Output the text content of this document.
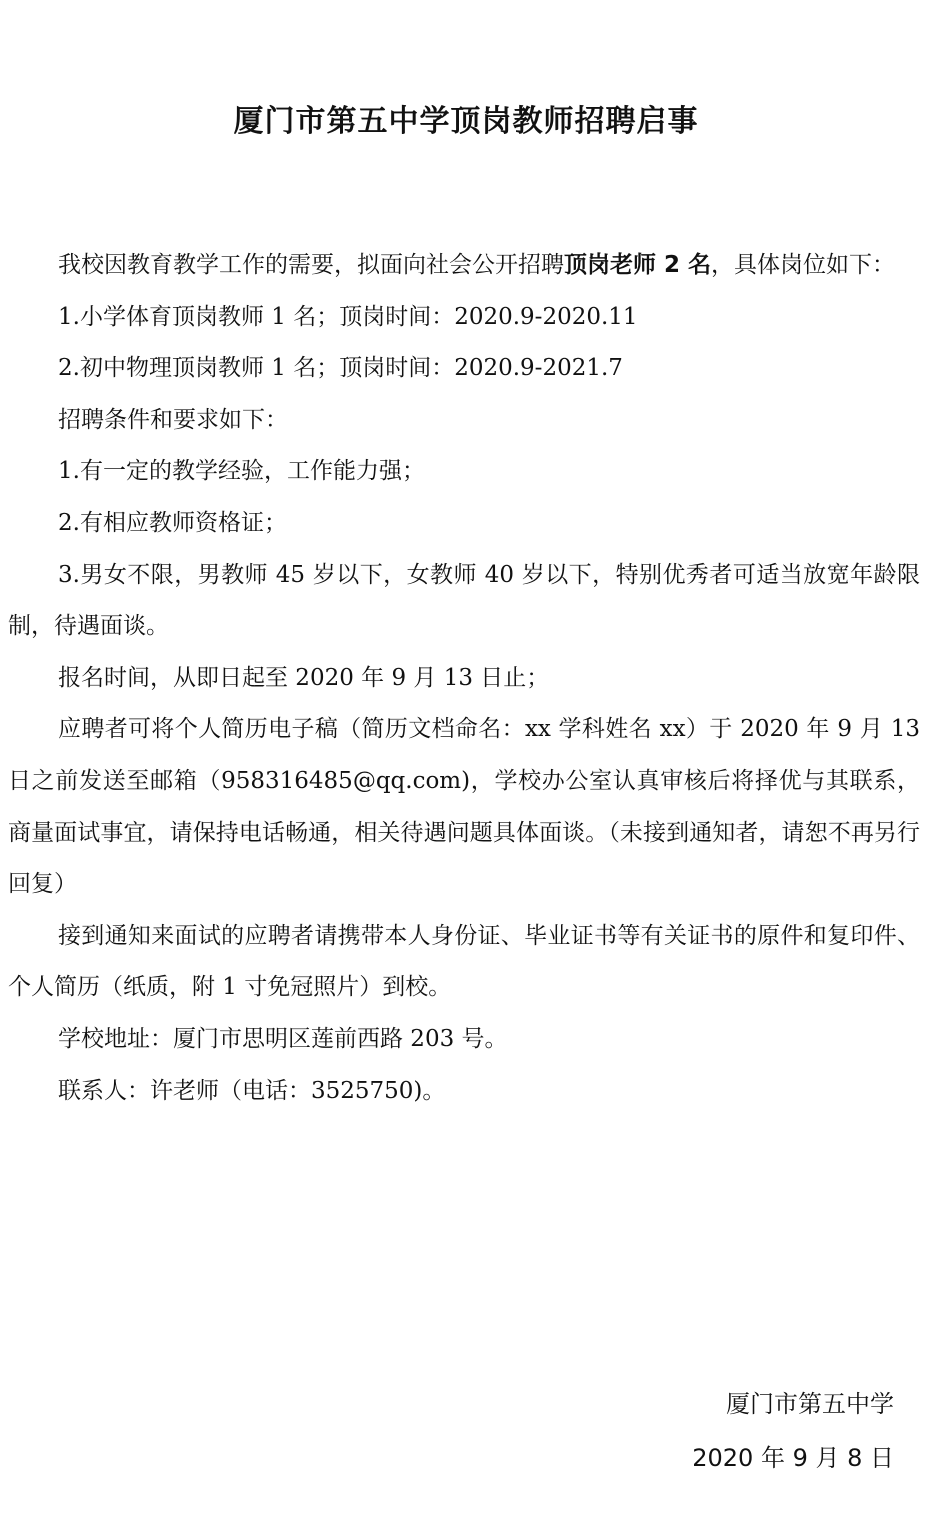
厦门市第五中学顶岗教师招聘启事

我校因教育教学工作的需要，拟面向社会公开招聘顶岗老师 2 名，具体岗位如下：

1.小学体育顶岗教师 1 名；顶岗时间：2020.9-2020.11

2.初中物理顶岗教师 1 名；顶岗时间：2020.9-2021.7

招聘条件和要求如下：

1.有一定的教学经验，工作能力强；

2.有相应教师资格证；

3.男女不限，男教师 45 岁以下，女教师 40 岁以下，特别优秀者可适当放宽年龄限制，待遇面谈。

报名时间，从即日起至 2020 年 9 月 13 日止；

应聘者可将个人简历电子稿（简历文档命名：xx 学科姓名 xx）于 2020 年 9 月 13 日之前发送至邮箱（958316485@qq.com)，学校办公室认真审核后将择优与其联系，商量面试事宜，请保持电话畅通，相关待遇问题具体面谈。（未接到通知者，请恕不再另行回复）

接到通知来面试的应聘者请携带本人身份证、毕业证书等有关证书的原件和复印件、个人简历（纸质，附 1 寸免冠照片）到校。

学校地址：厦门市思明区莲前西路 203 号。

联系人：许老师（电话：3525750)。

厦门市第五中学
2020 年 9 月 8 日
